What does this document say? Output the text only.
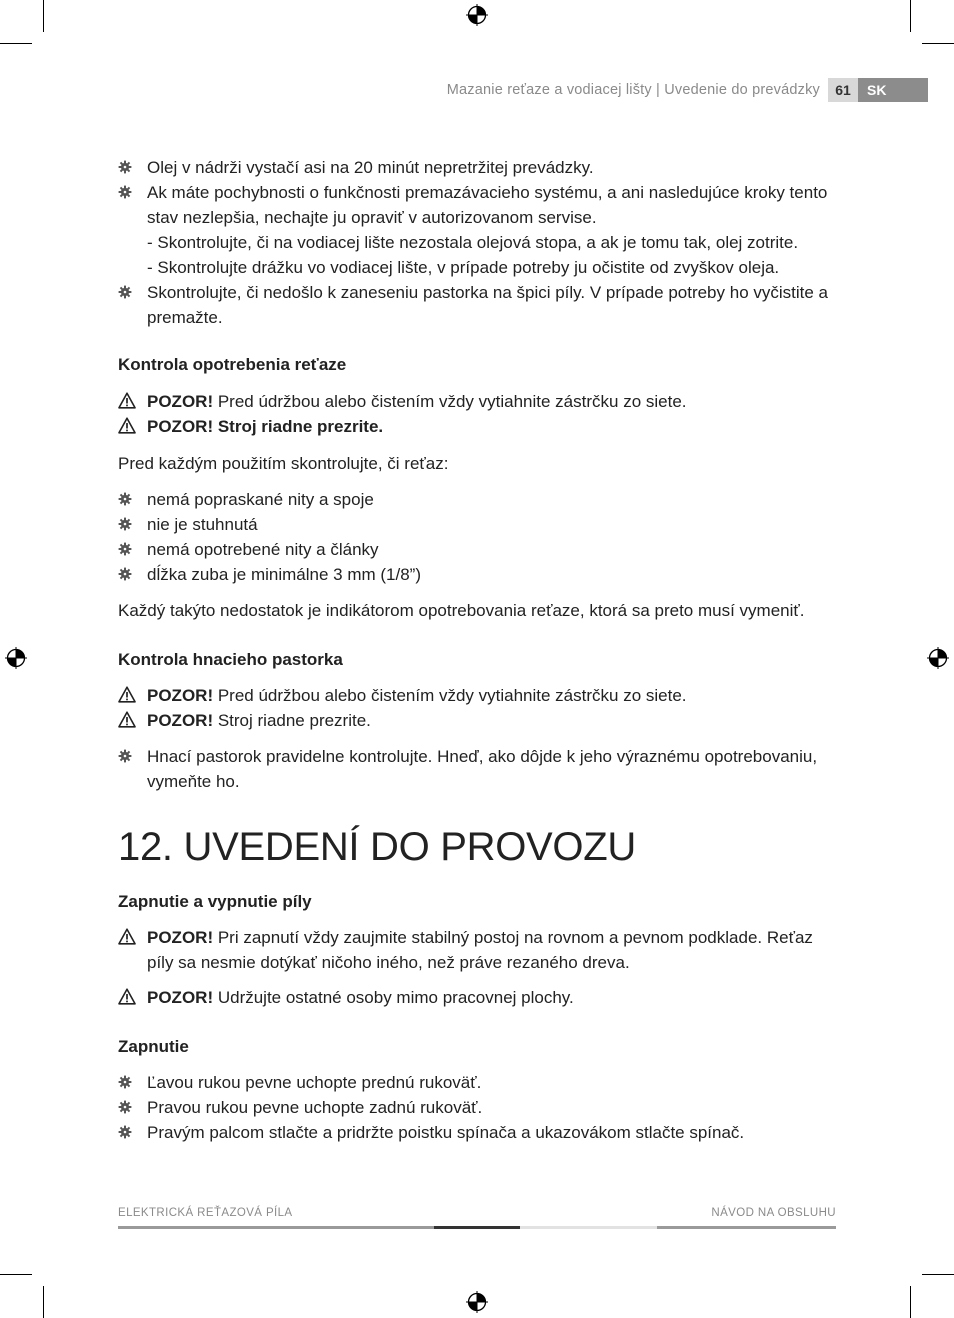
Mazanie reťaze a vodiacej lišty | Uvedenie do prevádzky	61	SK
Olej v nádrži vystačí asi na 20 minút nepretržitej prevádzky.
Ak máte pochybnosti o funkčnosti premazávacieho systému, a ani nasledujúce kroky tento stav nezlepšia, nechajte ju opraviť v autorizovanom servise.
- Skontrolujte, či na vodiacej lište nezostala olejová stopa, a ak je tomu tak, olej zotrite.
- Skontrolujte drážku vo vodiacej lište, v prípade potreby ju očistite od zvyškov oleja.
Skontrolujte, či nedošlo k zaneseniu pastorka na špici píly. V prípade potreby ho vyčistite a premažte.
Kontrola opotrebenia reťaze
POZOR! Pred údržbou alebo čistením vždy vytiahnite zástrčku zo siete.
POZOR! Stroj riadne prezrite.
Pred každým použitím skontrolujte, či reťaz:
nemá popraskané nity a spoje
nie je stuhnutá
nemá opotrebené nity a články
dĺžka zuba je minimálne 3 mm (1/8”)
Každý takýto nedostatok je indikátorom opotrebovania reťaze, ktorá sa preto musí vymeniť.
Kontrola hnacieho pastorka
POZOR! Pred údržbou alebo čistením vždy vytiahnite zástrčku zo siete.
POZOR! Stroj riadne prezrite.
Hnací pastorok pravidelne kontrolujte. Hneď, ako dôjde k jeho výraznému opotrebovaniu, vymeňte ho.
12. UVEDENÍ DO PROVOZU
Zapnutie a vypnutie píly
POZOR! Pri zapnutí vždy zaujmite stabilný postoj na rovnom a pevnom podklade. Reťaz píly sa nesmie dotýkať ničoho iného, než práve rezaného dreva.
POZOR! Udržujte ostatné osoby mimo pracovnej plochy.
Zapnutie
Ľavou rukou pevne uchopte prednú rukoväť.
Pravou rukou pevne uchopte zadnú rukoväť.
Pravým palcom stlačte a pridržte poistku spínača a ukazovákom stlačte spínač.
ELEKTRICKÁ REŤAZOVÁ PÍLA	NÁVOD NA OBSLUHU
